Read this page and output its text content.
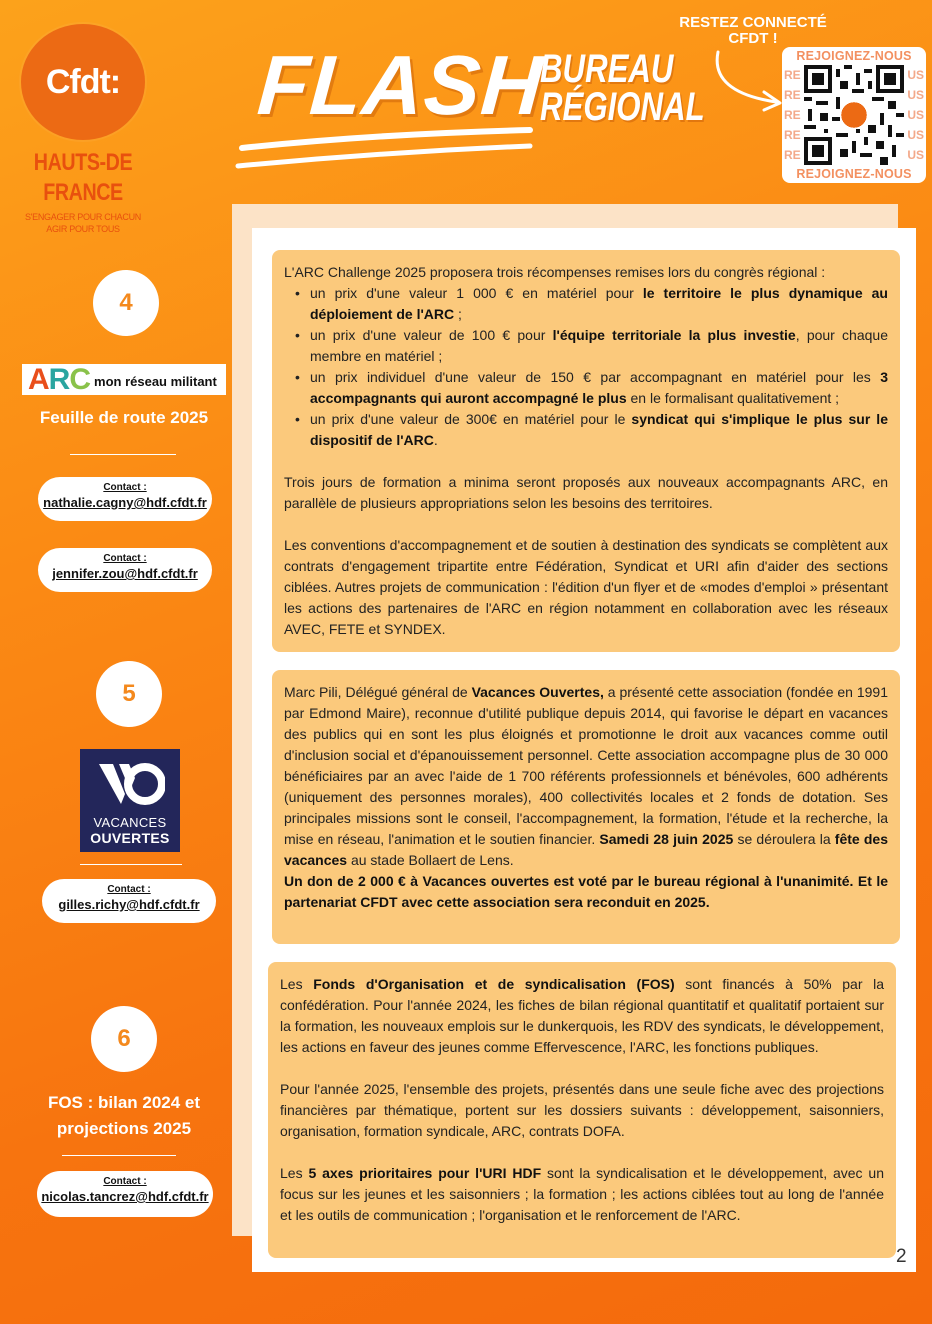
Cfdt:
HAUTS-DE
FRANCE
S'ENGAGER POUR CHACUN
AGIR POUR TOUS
4
ARC mon réseau militant
Feuille de route 2025
Contact :
nathalie.cagny@hdf.cfdt.fr
Contact :
jennifer.zou@hdf.cfdt.fr
5
VACANCES
OUVERTES
Contact :
gilles.richy@hdf.cfdt.fr
6
FOS : bilan 2024 et
projections 2025
Contact :
nicolas.tancrez@hdf.cfdt.fr
FLASH
BUREAU
RÉGIONAL
RESTEZ CONNECTÉ
CFDT !
REJOIGNEZ-NOUS
RE
RE
RE
RE
RE
US
US
US
US
US
REJOIGNEZ-NOUS

L'ARC Challenge 2025 proposera trois récompenses remises lors du congrès régional :

• un prix d'une valeur 1 000 € en matériel pour le territoire le plus dynamique au déploiement de l'ARC ;
• un prix d'une valeur de 100 € pour l'équipe territoriale la plus investie, pour chaque membre en matériel ;
• un prix individuel d'une valeur de 150 € par accompagnant en matériel pour les 3 accompagnants qui auront accompagné le plus en le formalisant qualitativement ;
• un prix d'une valeur de 300€ en matériel pour le syndicat qui s'implique le plus sur le dispositif de l'ARC.

Trois jours de formation a minima seront proposés aux nouveaux accompagnants ARC, en parallèle de plusieurs appropriations selon les besoins des territoires.

Les conventions d'accompagnement et de soutien à destination des syndicats se complètent aux contrats d'engagement tripartite entre Fédération, Syndicat et URI afin d'aider des sections ciblées. Autres projets de communication : l'édition d'un flyer et de «modes d'emploi » présentant les actions des partenaires de l'ARC en région notamment en collaboration avec les réseaux AVEC, FETE et SYNDEX.

Marc Pili, Délégué général de Vacances Ouvertes, a présenté cette association (fondée en 1991 par Edmond Maire), reconnue d'utilité publique depuis 2014, qui favorise le départ en vacances des publics qui en sont les plus éloignés et promotionne le droit aux vacances comme outil d'inclusion social et d'épanouissement personnel. Cette association accompagne plus de 30 000 bénéficiaires par an avec l'aide de 1 700 référents professionnels et bénévoles, 600 adhérents (uniquement des personnes morales), 400 collectivités locales et 2 fonds de dotation. Ses principales missions sont le conseil, l'accompagnement, la formation, l'étude et la recherche, la mise en réseau, l'animation et le soutien financier. Samedi 28 juin 2025 se déroulera la fête des vacances au stade Bollaert de Lens.

Un don de 2 000 € à Vacances ouvertes est voté par le bureau régional à l'unanimité. Et le partenariat CFDT avec cette association sera reconduit en 2025.

Les Fonds d'Organisation et de syndicalisation (FOS) sont financés à 50% par la confédération. Pour l'année 2024, les fiches de bilan régional quantitatif et qualitatif portaient sur la formation, les nouveaux emplois sur le dunkerquois, les RDV des syndicats, le développement, les actions en faveur des jeunes comme Effervescence, l'ARC, les fonctions publiques.

Pour l'année 2025, l'ensemble des projets, présentés dans une seule fiche avec des projections financières par thématique, portent sur les dossiers suivants : développement, saisonniers, organisation, formation syndicale, ARC, contrats DOFA.

Les 5 axes prioritaires pour l'URI HDF sont la syndicalisation et le développement, avec un focus sur les jeunes et les saisonniers ; la formation ; les actions ciblées tout au long de l'année et les outils de communication ; l'organisation et le renforcement de l'ARC.

2
